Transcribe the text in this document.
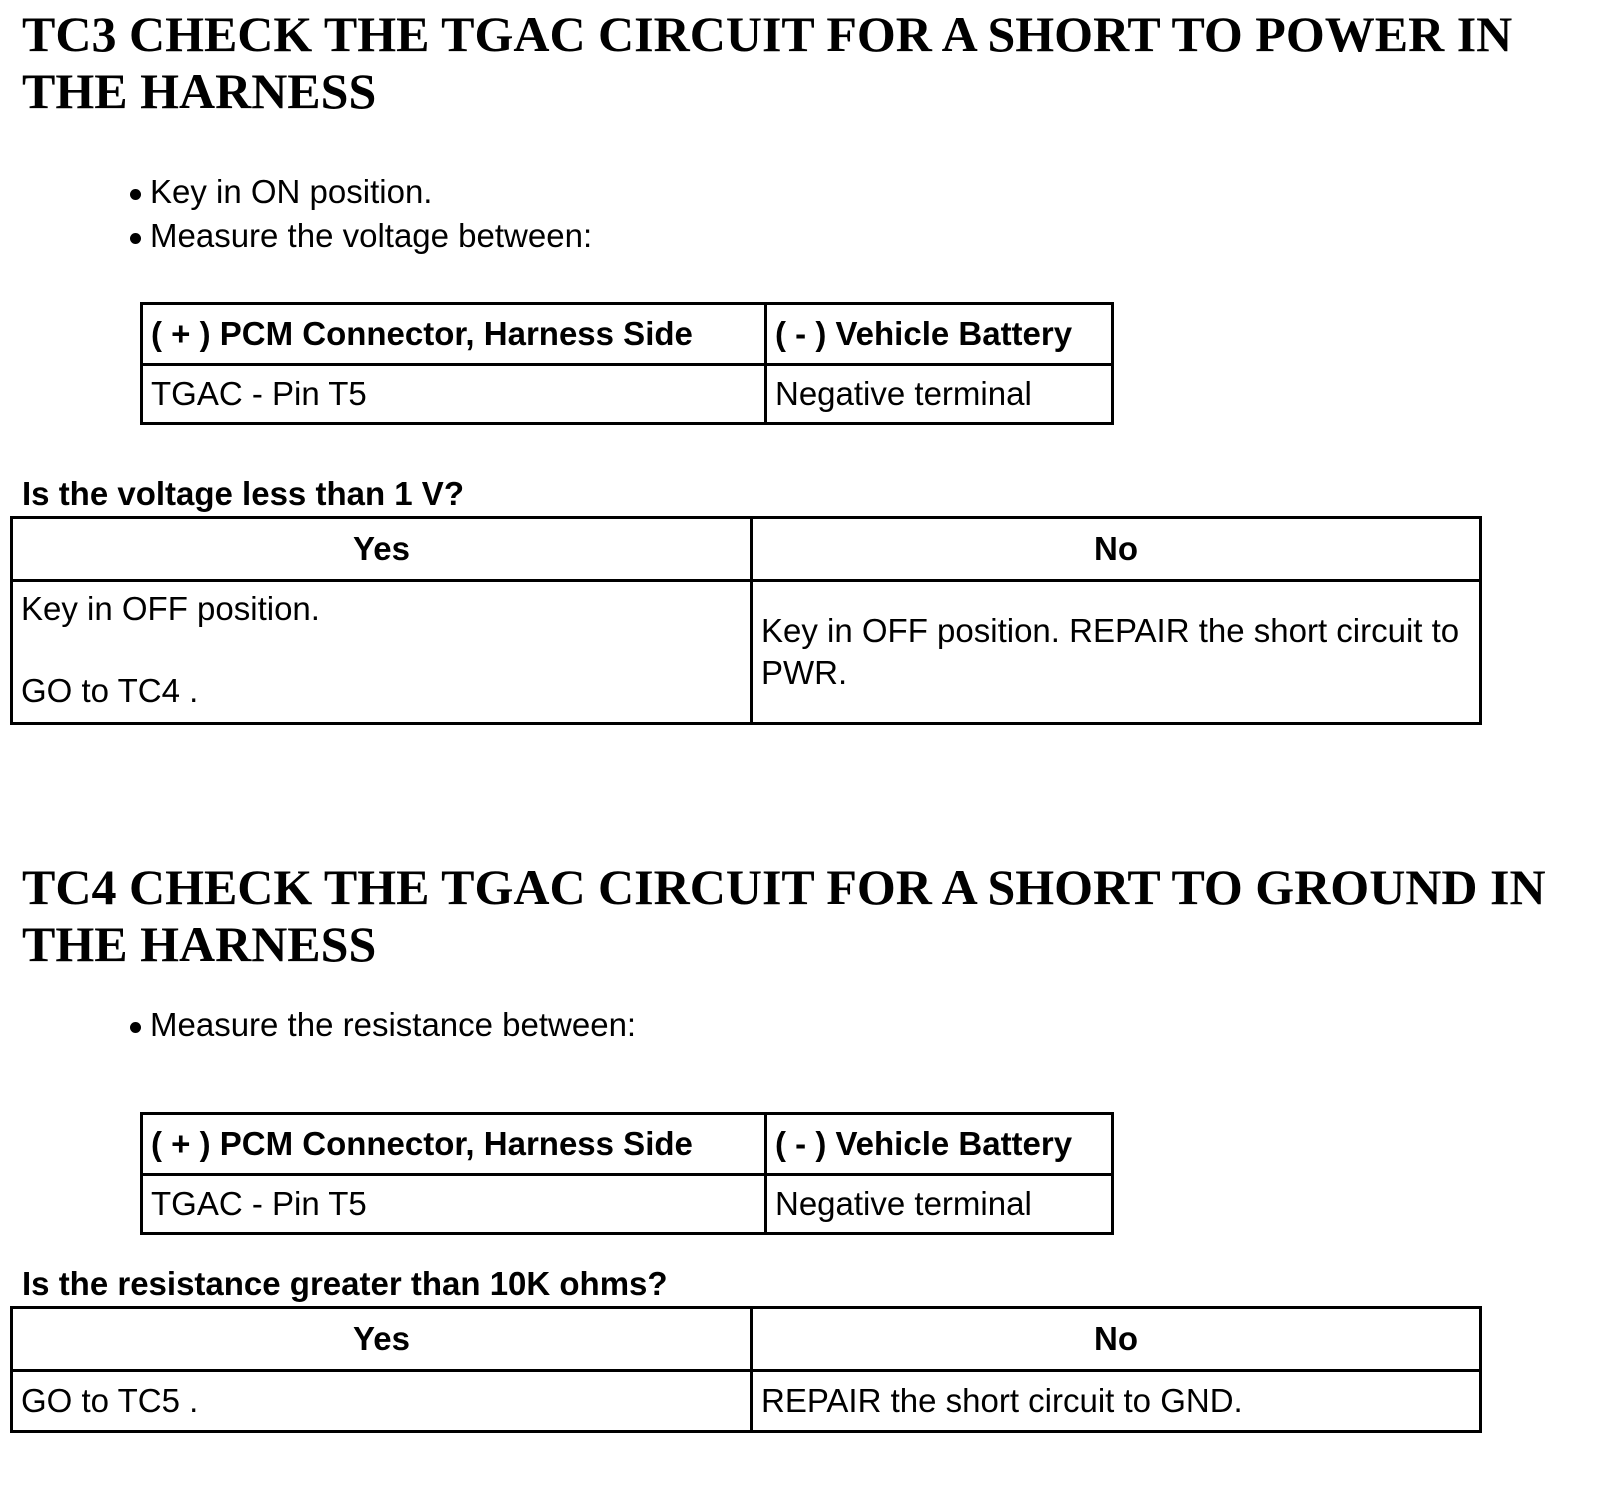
TC3 CHECK THE TGAC CIRCUIT FOR A SHORT TO POWER IN THE HARNESS
Key in ON position.
Measure the voltage between:
( + ) PCM Connector, Harness Side	( - ) Vehicle Battery
TGAC - Pin T5	Negative terminal

Is the voltage less than 1 V?

Yes	No

Key in OFF position.
GO to TC4 .	Key in OFF position. REPAIR the short circuit to PWR.
TC4 CHECK THE TGAC CIRCUIT FOR A SHORT TO GROUND IN THE HARNESS
Measure the resistance between:
( + ) PCM Connector, Harness Side	( - ) Vehicle Battery
TGAC - Pin T5	Negative terminal

Is the resistance greater than 10K ohms?

Yes	No
GO to TC5 .	REPAIR the short circuit to GND.
